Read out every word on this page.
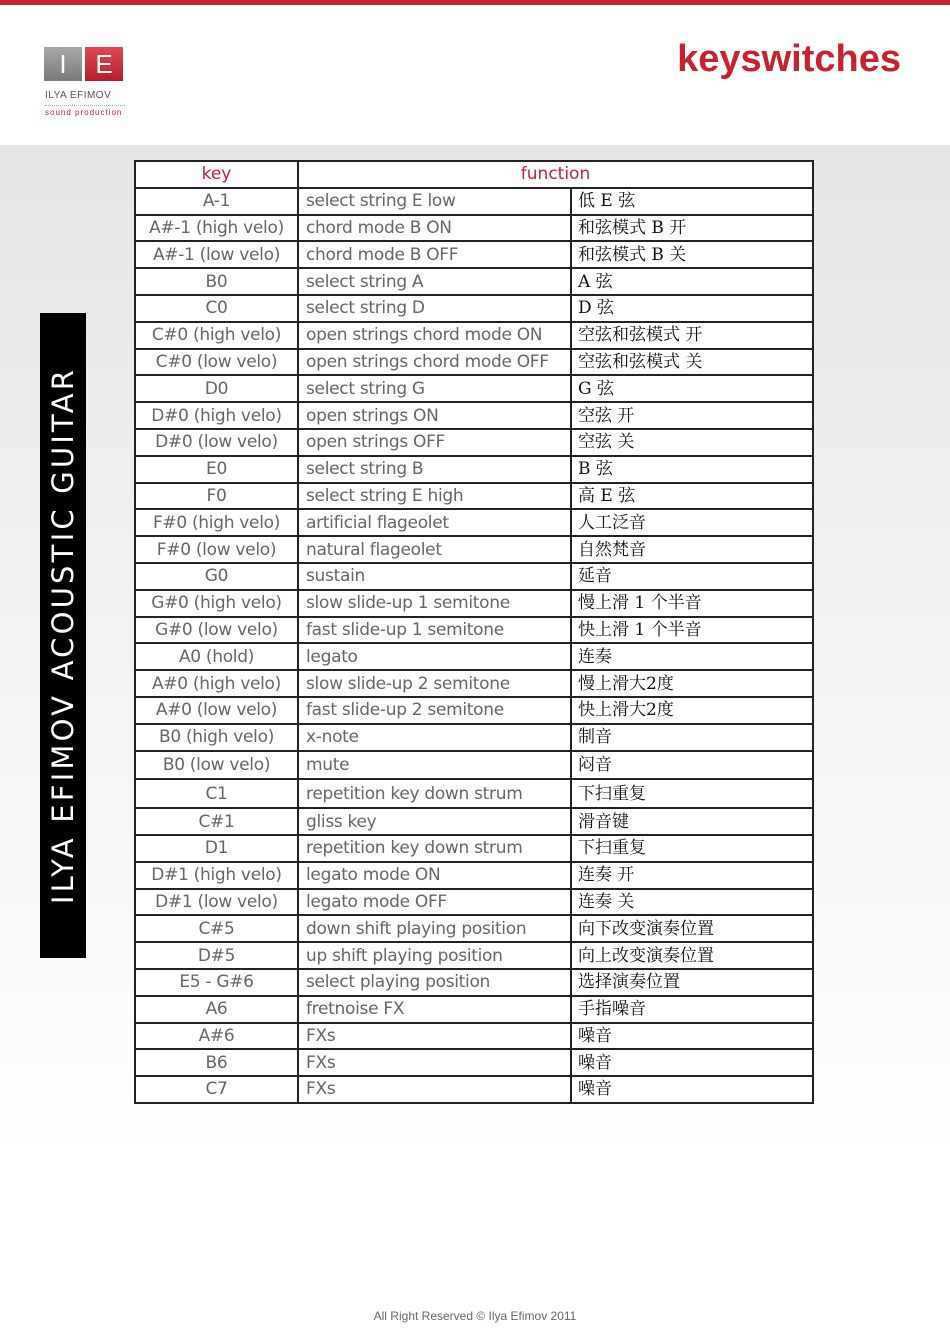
I	E
ILYA EFIMOV
sound production
keyswitches
ILYA EFIMOV ACOUSTIC GUITAR
key	function	
A-1	select string E low	低 E 弦
A#-1 (high velo)	chord mode B ON	和弦模式 B 开
A#-1 (low velo)	chord mode B OFF	和弦模式 B 关
B0	select string A	A 弦
C0	select string D	D 弦
C#0 (high velo)	open strings chord mode ON	空弦和弦模式 开
C#0 (low velo)	open strings chord mode OFF	空弦和弦模式 关
D0	select string G	G 弦
D#0 (high velo)	open strings ON	空弦 开
D#0 (low velo)	open strings OFF	空弦 关
E0	select string B	B 弦
F0	select string E high	高 E 弦
F#0 (high velo)	artificial flageolet	人工泛音
F#0 (low velo)	natural flageolet	自然梵音
G0	sustain	延音
G#0 (high velo)	slow slide-up 1 semitone	慢上滑 1 个半音
G#0 (low velo)	fast slide-up 1 semitone	快上滑 1 个半音
A0 (hold)	legato	连奏
A#0 (high velo)	slow slide-up 2 semitone	慢上滑大2度
A#0 (low velo)	fast slide-up 2 semitone	快上滑大2度
B0 (high velo)	x-note	制音
B0 (low velo)	mute	闷音
C1	repetition key down strum	下扫重复
C#1	gliss key	滑音键
D1	repetition key down strum	下扫重复
D#1 (high velo)	legato mode ON	连奏 开
D#1 (low velo)	legato mode OFF	连奏 关
C#5	down shift playing position	向下改变演奏位置
D#5	up shift playing position	向上改变演奏位置
E5 - G#6	select playing position	选择演奏位置
A6	fretnoise FX	手指噪音
A#6	FXs	噪音
B6	FXs	噪音
C7	FXs	噪音
All Right Reserved © Ilya Efimov 2011
